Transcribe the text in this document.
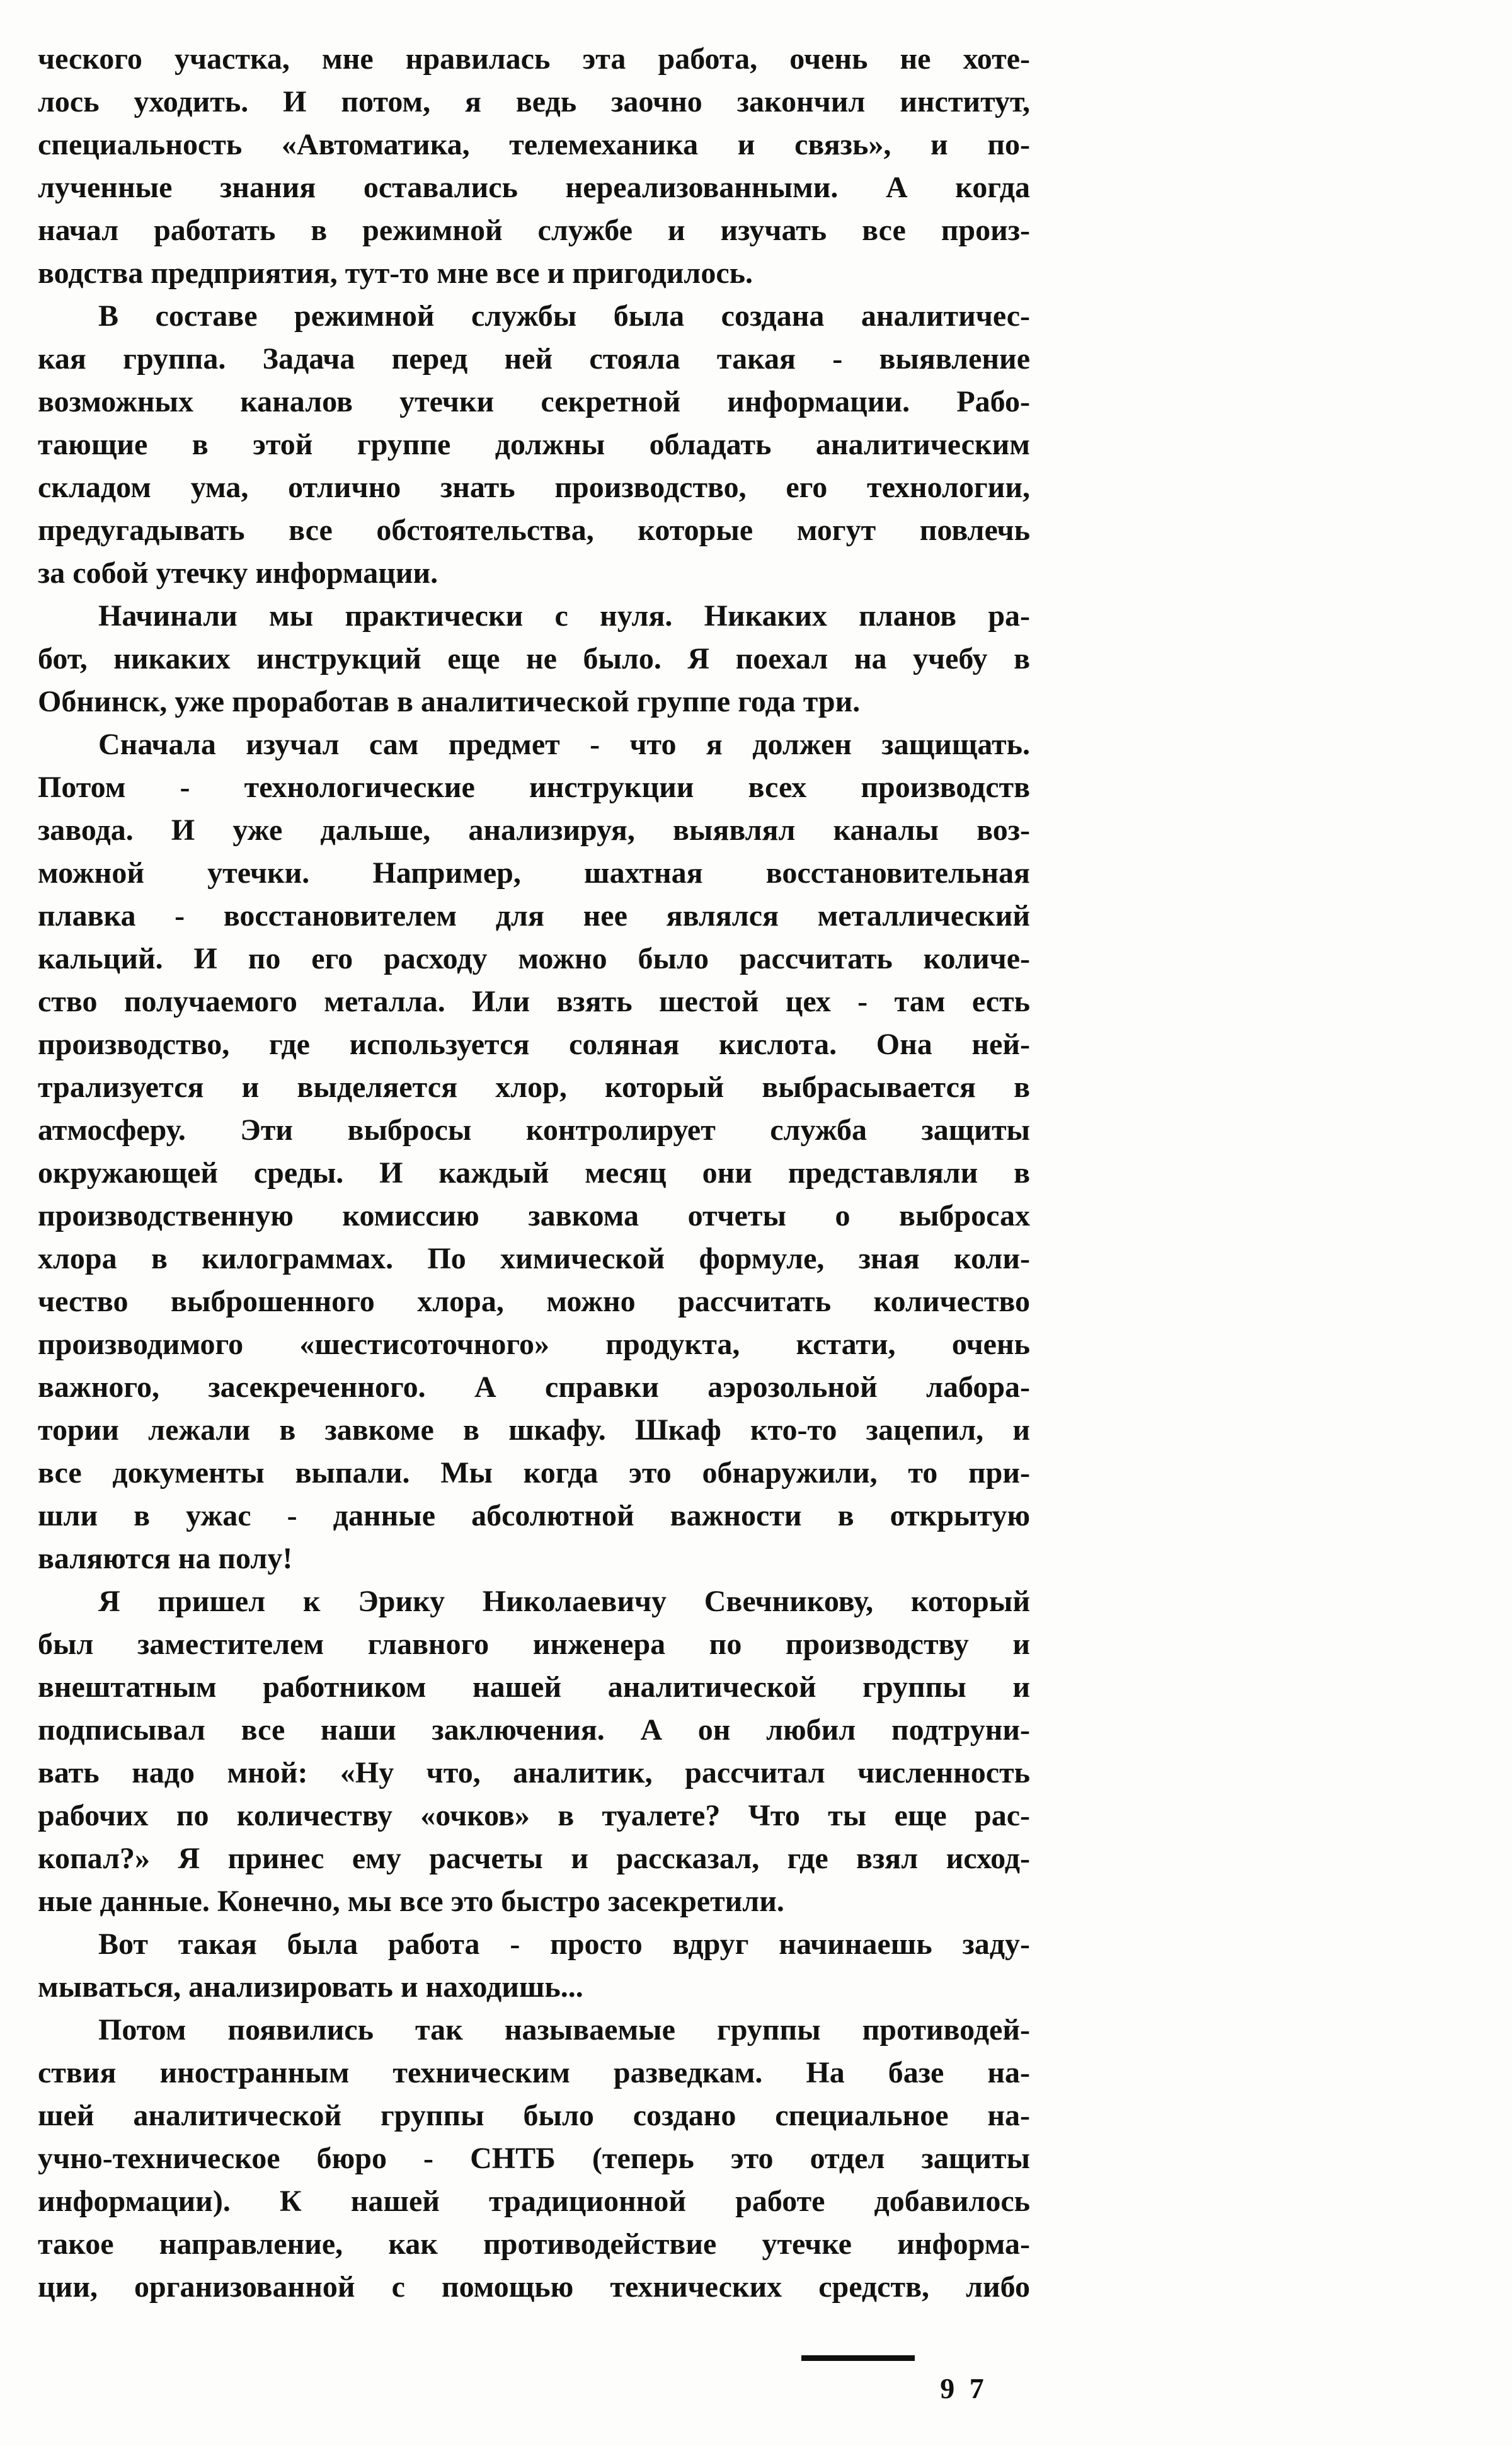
ческого участка, мне нравилась эта работа, очень не хоте-
лось уходить. И потом, я ведь заочно закончил институт,
специальность «Автоматика, телемеханика и связь», и по-
лученные знания оставались нереализованными. А когда
начал работать в режимной службе и изучать все произ-
водства предприятия, тут-то мне все и пригодилось.
В составе режимной службы была создана аналитичес-
кая группа. Задача перед ней стояла такая - выявление
возможных каналов утечки секретной информации. Рабо-
тающие в этой группе должны обладать аналитическим
складом ума, отлично знать производство, его технологии,
предугадывать все обстоятельства, которые могут повлечь
за собой утечку информации.
Начинали мы практически с нуля. Никаких планов ра-
бот, никаких инструкций еще не было. Я поехал на учебу в
Обнинск, уже проработав в аналитической группе года три.
Сначала изучал сам предмет - что я должен защищать.
Потом - технологические инструкции всех производств
завода. И уже дальше, анализируя, выявлял каналы воз-
можной утечки. Например, шахтная восстановительная
плавка - восстановителем для нее являлся металлический
кальций. И по его расходу можно было рассчитать количе-
ство получаемого металла. Или взять шестой цех - там есть
производство, где используется соляная кислота. Она ней-
трализуется и выделяется хлор, который выбрасывается в
атмосферу. Эти выбросы контролирует служба защиты
окружающей среды. И каждый месяц они представляли в
производственную комиссию завкома отчеты о выбросах
хлора в килограммах. По химической формуле, зная коли-
чество выброшенного хлора, можно рассчитать количество
производимого «шестисоточного» продукта, кстати, очень
важного, засекреченного. А справки аэрозольной лабора-
тории лежали в завкоме в шкафу. Шкаф кто-то зацепил, и
все документы выпали. Мы когда это обнаружили, то при-
шли в ужас - данные абсолютной важности в открытую
валяются на полу!
Я пришел к Эрику Николаевичу Свечникову, который
был заместителем главного инженера по производству и
внештатным работником нашей аналитической группы и
подписывал все наши заключения. А он любил подтруни-
вать надо мной: «Ну что, аналитик, рассчитал численность
рабочих по количеству «очков» в туалете? Что ты еще рас-
копал?» Я принес ему расчеты и рассказал, где взял исход-
ные данные. Конечно, мы все это быстро засекретили.
Вот такая была работа - просто вдруг начинаешь заду-
мываться, анализировать и находишь...
Потом появились так называемые группы противодей-
ствия иностранным техническим разведкам. На базе на-
шей аналитической группы было создано специальное на-
учно-техническое бюро - СНТБ (теперь это отдел защиты
информации). К нашей традиционной работе добавилось
такое направление, как противодействие утечке информа-
ции, организованной с помощью технических средств, либо
9 7
